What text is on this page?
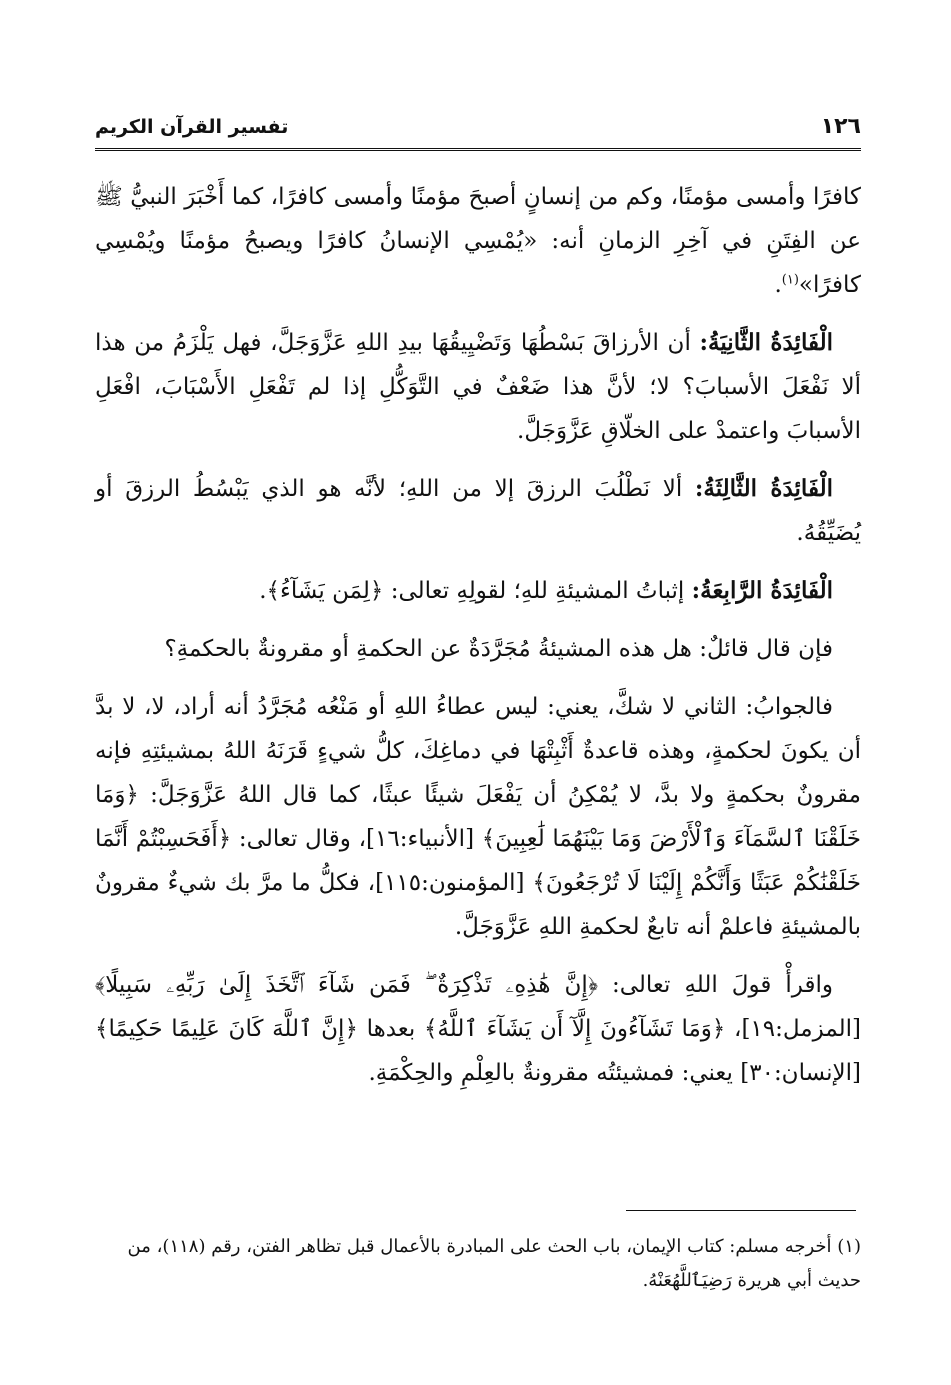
١٢٦
تفسير القرآن الكريم

كافرًا وأمسى مؤمنًا، وكم من إنسانٍ أصبحَ مؤمنًا وأمسى كافرًا، كما أَخْبَرَ النبيُّ ﷺ عن الفِتَنِ في آخِرِ الزمانِ أنه: «يُمْسِي الإنسانُ كافرًا ويصبحُ مؤمنًا ويُمْسِي كافرًا»$^{(١)}$.

الْفَائِدَةُ الثَّانِيَةُ: أن الأرزاقَ بَسْطُهَا وَتَضْيِيقُهَا بيدِ اللهِ عَزَّوَجَلَّ، فهل يَلْزَمُ من هذا ألا نَفْعَلَ الأسبابَ؟ لا؛ لأنَّ هذا ضَعْفٌ في التَّوَكُّلِ إذا لم تَفْعَلِ الأَسْبَابَ، افْعَلِ الأسبابَ واعتمدْ على الخلّاقِ عَزَّوَجَلَّ.

الْفَائِدَةُ الثَّالِثَةُ: ألا نَطْلُبَ الرزقَ إلا من اللهِ؛ لأنَّه هو الذي يَبْسُطُ الرزقَ أو يُضَيِّقُهُ.

الْفَائِدَةُ الرَّابِعَةُ: إثباتُ المشيئةِ للهِ؛ لقولِهِ تعالى: ﴿لِمَن يَشَآءُ﴾.

فإن قال قائلٌ: هل هذه المشيئةُ مُجَرَّدَةٌ عن الحكمةِ أو مقرونةٌ بالحكمةِ؟

فالجوابُ: الثاني لا شكَّ، يعني: ليس عطاءُ اللهِ أو مَنْعُه مُجَرَّدُ أنه أراد، لا، لا بدَّ أن يكونَ لحكمةٍ، وهذه قاعدةٌ أَثْبِتْهَا في دماغِكَ، كلُّ شيءٍ قَرَنَهُ اللهُ بمشيئتِهِ فإنه مقرونٌ بحكمةٍ ولا بدَّ، لا يُمْكِنُ أن يَفْعَلَ شيئًا عبثًا، كما قال اللهُ عَزَّوَجَلَّ: ﴿وَمَا خَلَقْنَا ٱلسَّمَآءَ وَٱلْأَرْضَ وَمَا بَيْنَهُمَا لَٰعِبِينَ﴾ [الأنبياء:١٦]، وقال تعالى: ﴿أَفَحَسِبْتُمْ أَنَّمَا خَلَقْنَٰكُمْ عَبَثًا وَأَنَّكُمْ إِلَيْنَا لَا تُرْجَعُونَ﴾ [المؤمنون:١١٥]، فكلُّ ما مرَّ بك شيءٌ مقرونٌ بالمشيئةِ فاعلمْ أنه تابعٌ لحكمةِ اللهِ عَزَّوَجَلَّ.

واقرأْ قولَ اللهِ تعالى: ﴿إِنَّ هَٰذِهِۦ تَذْكِرَةٌ ۖ فَمَن شَآءَ ٱتَّخَذَ إِلَىٰ رَبِّهِۦ سَبِيلًا﴾ [المزمل:١٩]، ﴿وَمَا تَشَآءُونَ إِلَّآ أَن يَشَآءَ ٱللَّهُ﴾ بعدها ﴿إِنَّ ٱللَّهَ كَانَ عَلِيمًا حَكِيمًا﴾ [الإنسان:٣٠] يعني: فمشيئتُه مقرونةٌ بالعِلْمِ والحِكْمَةِ.

(١) أخرجه مسلم: كتاب الإيمان، باب الحث على المبادرة بالأعمال قبل تظاهر الفتن، رقم (١١٨)، من حديث أبي هريرة رَضِيَٱللَّهُعَنْهُ.
